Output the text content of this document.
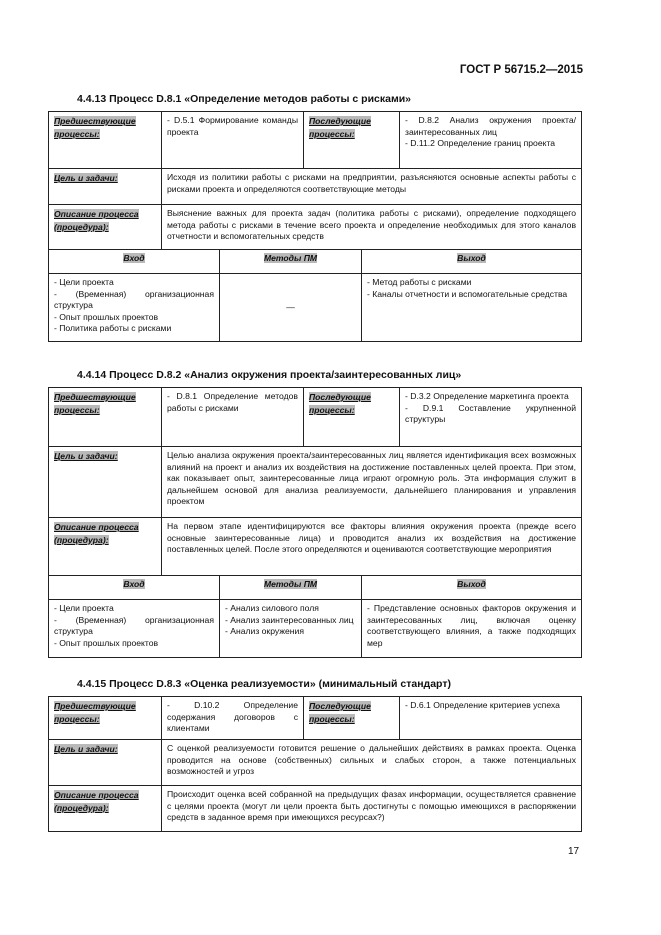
ГОСТ Р 56715.2—2015
4.4.13 Процесс D.8.1 «Определение методов работы с рисками»
Предшествующие процессы:	- D.5.1 Формирование команды проекта		Последующие процессы:		- D.8.2 Анализ окружения проекта/заинтересованных лиц
- D.11.2 Определение границ проекта

Цель и задачи:	Исходя из политики работы с рисками на предприятии, разъясняются основные аспекты работы с рисками проекта и определяются соответствующие методы				
Описание процесса (процедура):	Выяснение важных для проекта задач (политика работы с рисками), определение подходящего метода работы с рисками в течение всего проекта и определение необходимых для этого каналов отчетности и вспомогательных средств				
Вход		Методы ПМ		Выход	

- Цели проекта
- (Временная) организационная структура
- Опыт прошлых проектов
- Политика работы с рисками		—		- Метод работы с рисками
- Каналы отчетности и вспомогательные средства	
4.4.14 Процесс D.8.2 «Анализ окружения проекта/заинтересованных лиц»
Предшествующие процессы:	- D.8.1 Определение методов работы с рисками		Последующие процессы:		- D.3.2 Определение маркетинга проекта
- D.9.1 Составление укрупненной структуры

Цель и задачи:	Целью анализа окружения проекта/заинтересованных лиц является идентификация всех возможных влияний на проект и анализ их воздействия на достижение поставленных целей проекта. При этом, как показывает опыт, заинтересованные лица играют огромную роль. Эта информация служит в дальнейшем основой для анализа реализуемости, дальнейшего планирования и управления проектом				
Описание процесса (процедура):	На первом этапе идентифицируются все факторы влияния окружения проекта (прежде всего основные заинтересованные лица) и проводится анализ их воздействия на достижение поставленных целей. После этого определяются и оцениваются соответствующие мероприятия				
Вход		Методы ПМ		Выход	

- Цели проекта
- (Временная) организационная структура
- Опыт прошлых проектов		- Анализ силового поля
- Анализ заинтересованных лиц
- Анализ окружения		- Представление основных факторов окружения и заинтересованных лиц, включая оценку соответствующего влияния, а также подходящих мер	
4.4.15 Процесс D.8.3 «Оценка реализуемости» (минимальный стандарт)
Предшествующие процессы:	- D.10.2 Определение содержания договоров с клиентами	Последующие процессы:	- D.6.1 Определение критериев успеха

Цель и задачи:	С оценкой реализуемости готовится решение о дальнейших действиях в рамках проекта. Оценка проводится на основе (собственных) сильных и слабых сторон, а также потенциальных возможностей и угроз		
Описание процесса (процедура):	Происходит оценка всей собранной на предыдущих фазах информации, осуществляется сравнение с целями проекта (могут ли цели проекта быть достигнуты с помощью имеющихся в распоряжении средств в заданное время при имеющихся ресурсах?)		
17
